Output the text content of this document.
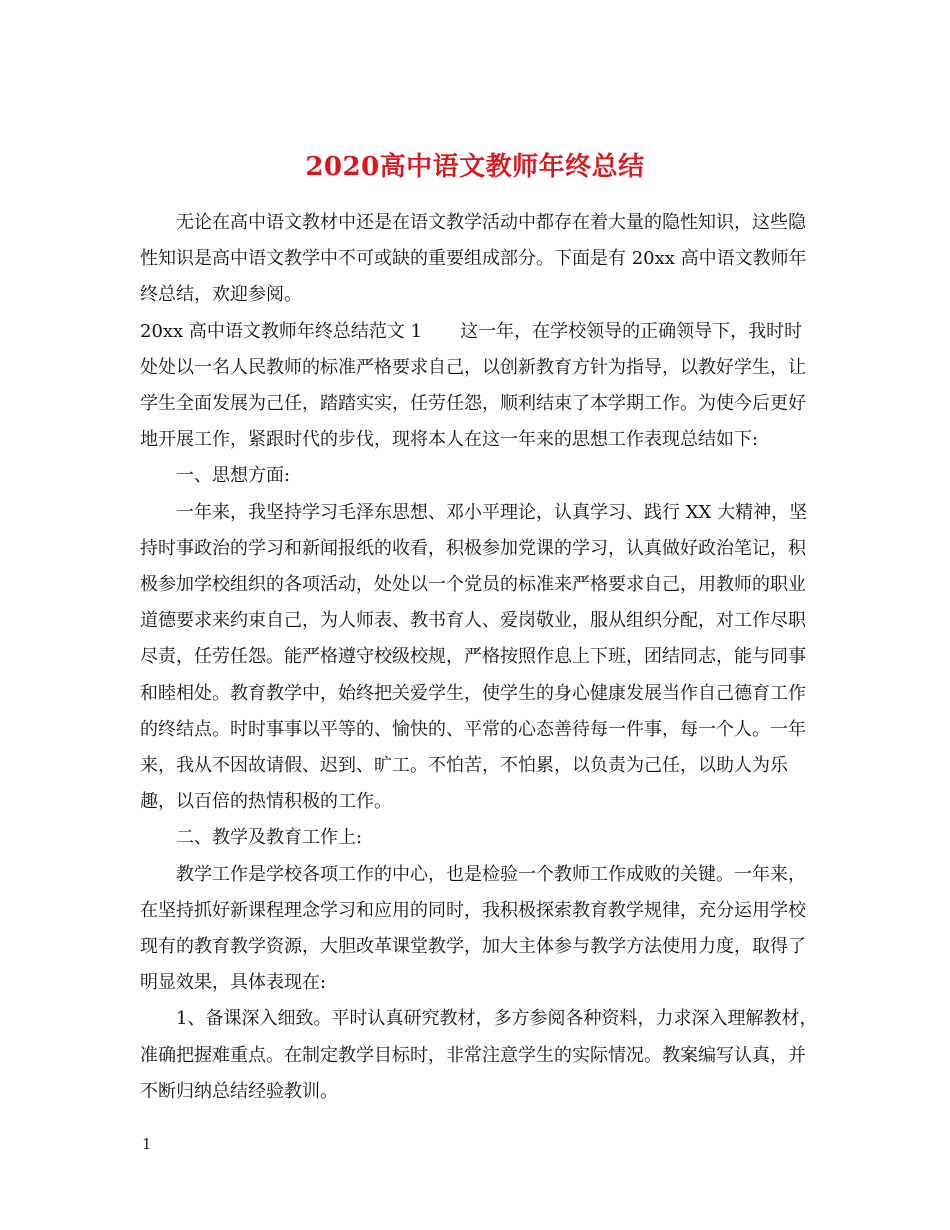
2020高中语文教师年终总结

无论在高中语文教材中还是在语文教学活动中都存在着大量的隐性知识，这些隐性知识是高中语文教学中不可或缺的重要组成部分。下面是有 20xx 高中语文教师年终总结，欢迎参阅。

20xx 高中语文教师年终总结范文 1 这一年，在学校领导的正确领导下，我时时处处以一名人民教师的标准严格要求自己，以创新教育方针为指导，以教好学生，让学生全面发展为己任，踏踏实实，任劳任怨，顺利结束了本学期工作。为使今后更好地开展工作，紧跟时代的步伐，现将本人在这一年来的思想工作表现总结如下:

一、思想方面:

一年来，我坚持学习毛泽东思想、邓小平理论，认真学习、践行 XX 大精神，坚持时事政治的学习和新闻报纸的收看，积极参加党课的学习，认真做好政治笔记，积极参加学校组织的各项活动，处处以一个党员的标准来严格要求自己，用教师的职业道德要求来约束自己，为人师表、教书育人、爱岗敬业，服从组织分配，对工作尽职尽责，任劳任怨。能严格遵守校级校规，严格按照作息上下班，团结同志，能与同事和睦相处。教育教学中，始终把关爱学生，使学生的身心健康发展当作自己德育工作的终结点。时时事事以平等的、愉快的、平常的心态善待每一件事，每一个人。一年来，我从不因故请假、迟到、旷工。不怕苦，不怕累，以负责为己任，以助人为乐趣，以百倍的热情积极的工作。

二、教学及教育工作上:

教学工作是学校各项工作的中心，也是检验一个教师工作成败的关键。一年来，在坚持抓好新课程理念学习和应用的同时，我积极探索教育教学规律，充分运用学校现有的教育教学资源，大胆改革课堂教学，加大主体参与教学方法使用力度，取得了明显效果，具体表现在:

1、备课深入细致。平时认真研究教材，多方参阅各种资料，力求深入理解教材，准确把握难重点。在制定教学目标时，非常注意学生的实际情况。教案编写认真，并不断归纳总结经验教训。

1
